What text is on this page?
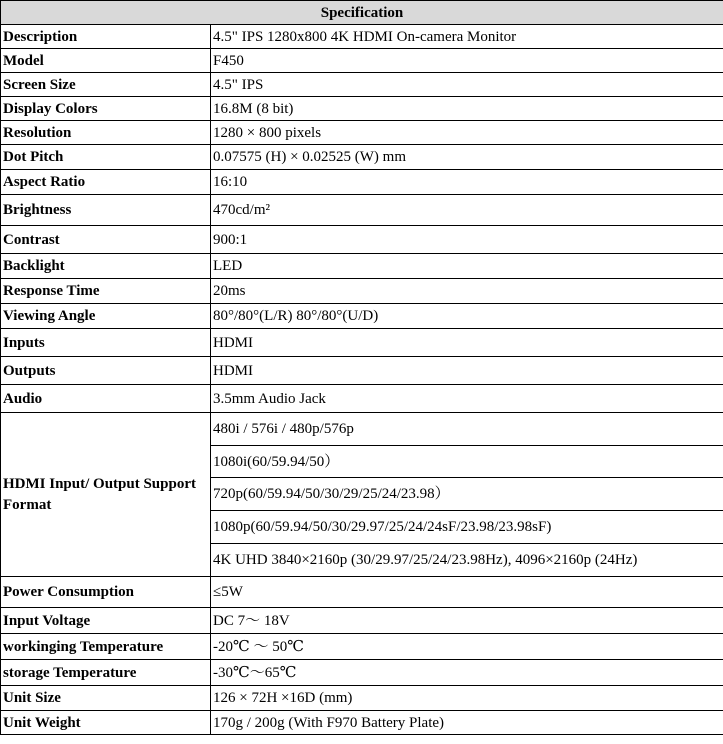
Specification	
Description	4.5" IPS 1280x800 4K HDMI On-camera Monitor
Model	F450
Screen Size	4.5" IPS
Display Colors	16.8M (8 bit)
Resolution	1280 × 800 pixels
Dot Pitch	0.07575 (H) × 0.02525 (W) mm
Aspect Ratio	16:10
Brightness	470cd/m²
Contrast	900:1
Backlight	LED
Response Time	20ms
Viewing Angle	80°/80°(L/R) 80°/80°(U/D)
Inputs	HDMI
Outputs	HDMI
Audio	3.5mm Audio Jack
HDMI Input/ Output Support Format	480i / 576i / 480p/576p
	1080i(60/59.94/50）
	720p(60/59.94/50/30/29/25/24/23.98）
	1080p(60/59.94/50/30/29.97/25/24/24sF/23.98/23.98sF)
	4K UHD 3840×2160p (30/29.97/25/24/23.98Hz), 4096×2160p (24Hz)
Power Consumption	≤5W
Input Voltage	DC 7～ 18V
workinging Temperature	-20℃ ～ 50℃
storage Temperature	-30℃～65℃
Unit Size	126 × 72H ×16D (mm)
Unit Weight	170g / 200g (With F970 Battery Plate)
